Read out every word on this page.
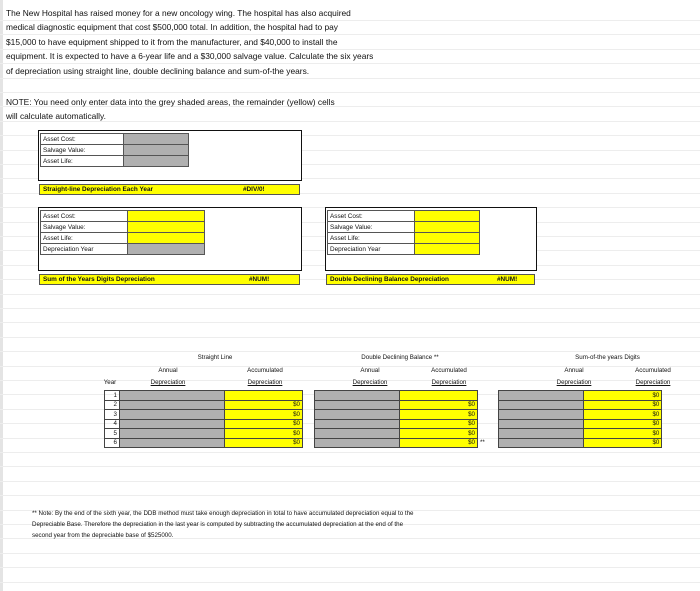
The New Hospital has raised money for a new oncology wing. The hospital has also acquired
medical diagnostic equipment that cost $500,000 total. In addition, the hospital had to pay
$15,000 to have equipment shipped to it from the manufacturer, and $40,000 to install the
equipment. It is expected to have a 6-year life and a $30,000 salvage value. Calculate the six years
of depreciation using straight line, double declining balance and sum-of-the years.
NOTE: You need only enter data into the grey shaded areas, the remainder (yellow) cells
will calculate automatically.
Asset Cost:	
Salvage Value:	
Asset Life:	
Straight-line Depreciation Each Year	#DIV/0!
Asset Cost:	
Salvage Value:	
Asset Life:	
Depreciation Year	
Sum of the Years Digits Depreciation	#NUM!
Asset Cost:	
Salvage Value:	
Asset Life:	
Depreciation Year	
Double Declining Balance Depreciation	#NUM!
Straight Line
Annual
Depreciation
Accumulated
Depreciation
Double Declining Balance **
Annual
Depreciation
Accumulated
Depreciation
Sum-of-the years Digits
Annual
Depreciation
Accumulated
Depreciation
Year
1									$0
2		$0			$0				$0
3		$0			$0				$0
4		$0			$0				$0
5		$0			$0				$0
6		$0			$0	**			$0
** Note: By the end of the sixth year, the DDB method must take enough depreciation in total to have accumulated depreciation equal to the
Depreciable Base. Therefore the depreciation in the last year is computed by subtracting the accumulated depreciation at the end of the
second year from the depreciable base of $525000.
